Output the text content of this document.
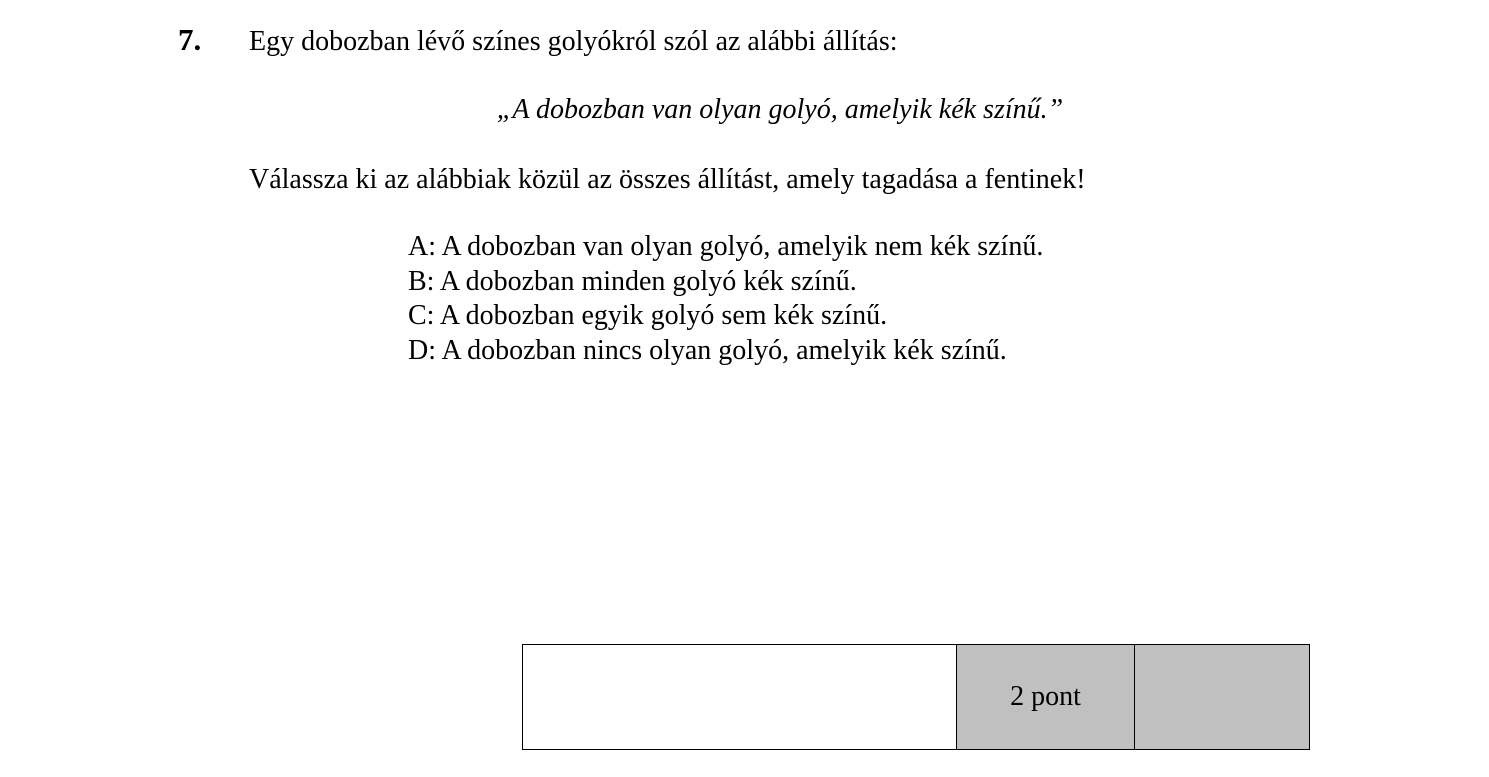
7. Egy dobozban lévő színes golyókról szól az alábbi állítás:
„A dobozban van olyan golyó, amelyik kék színű.”
Válassza ki az alábbiak közül az összes állítást, amely tagadása a fentinek!
A: A dobozban van olyan golyó, amelyik nem kék színű.
B: A dobozban minden golyó kék színű.
C: A dobozban egyik golyó sem kék színű.
D: A dobozban nincs olyan golyó, amelyik kék színű.
2 pont
